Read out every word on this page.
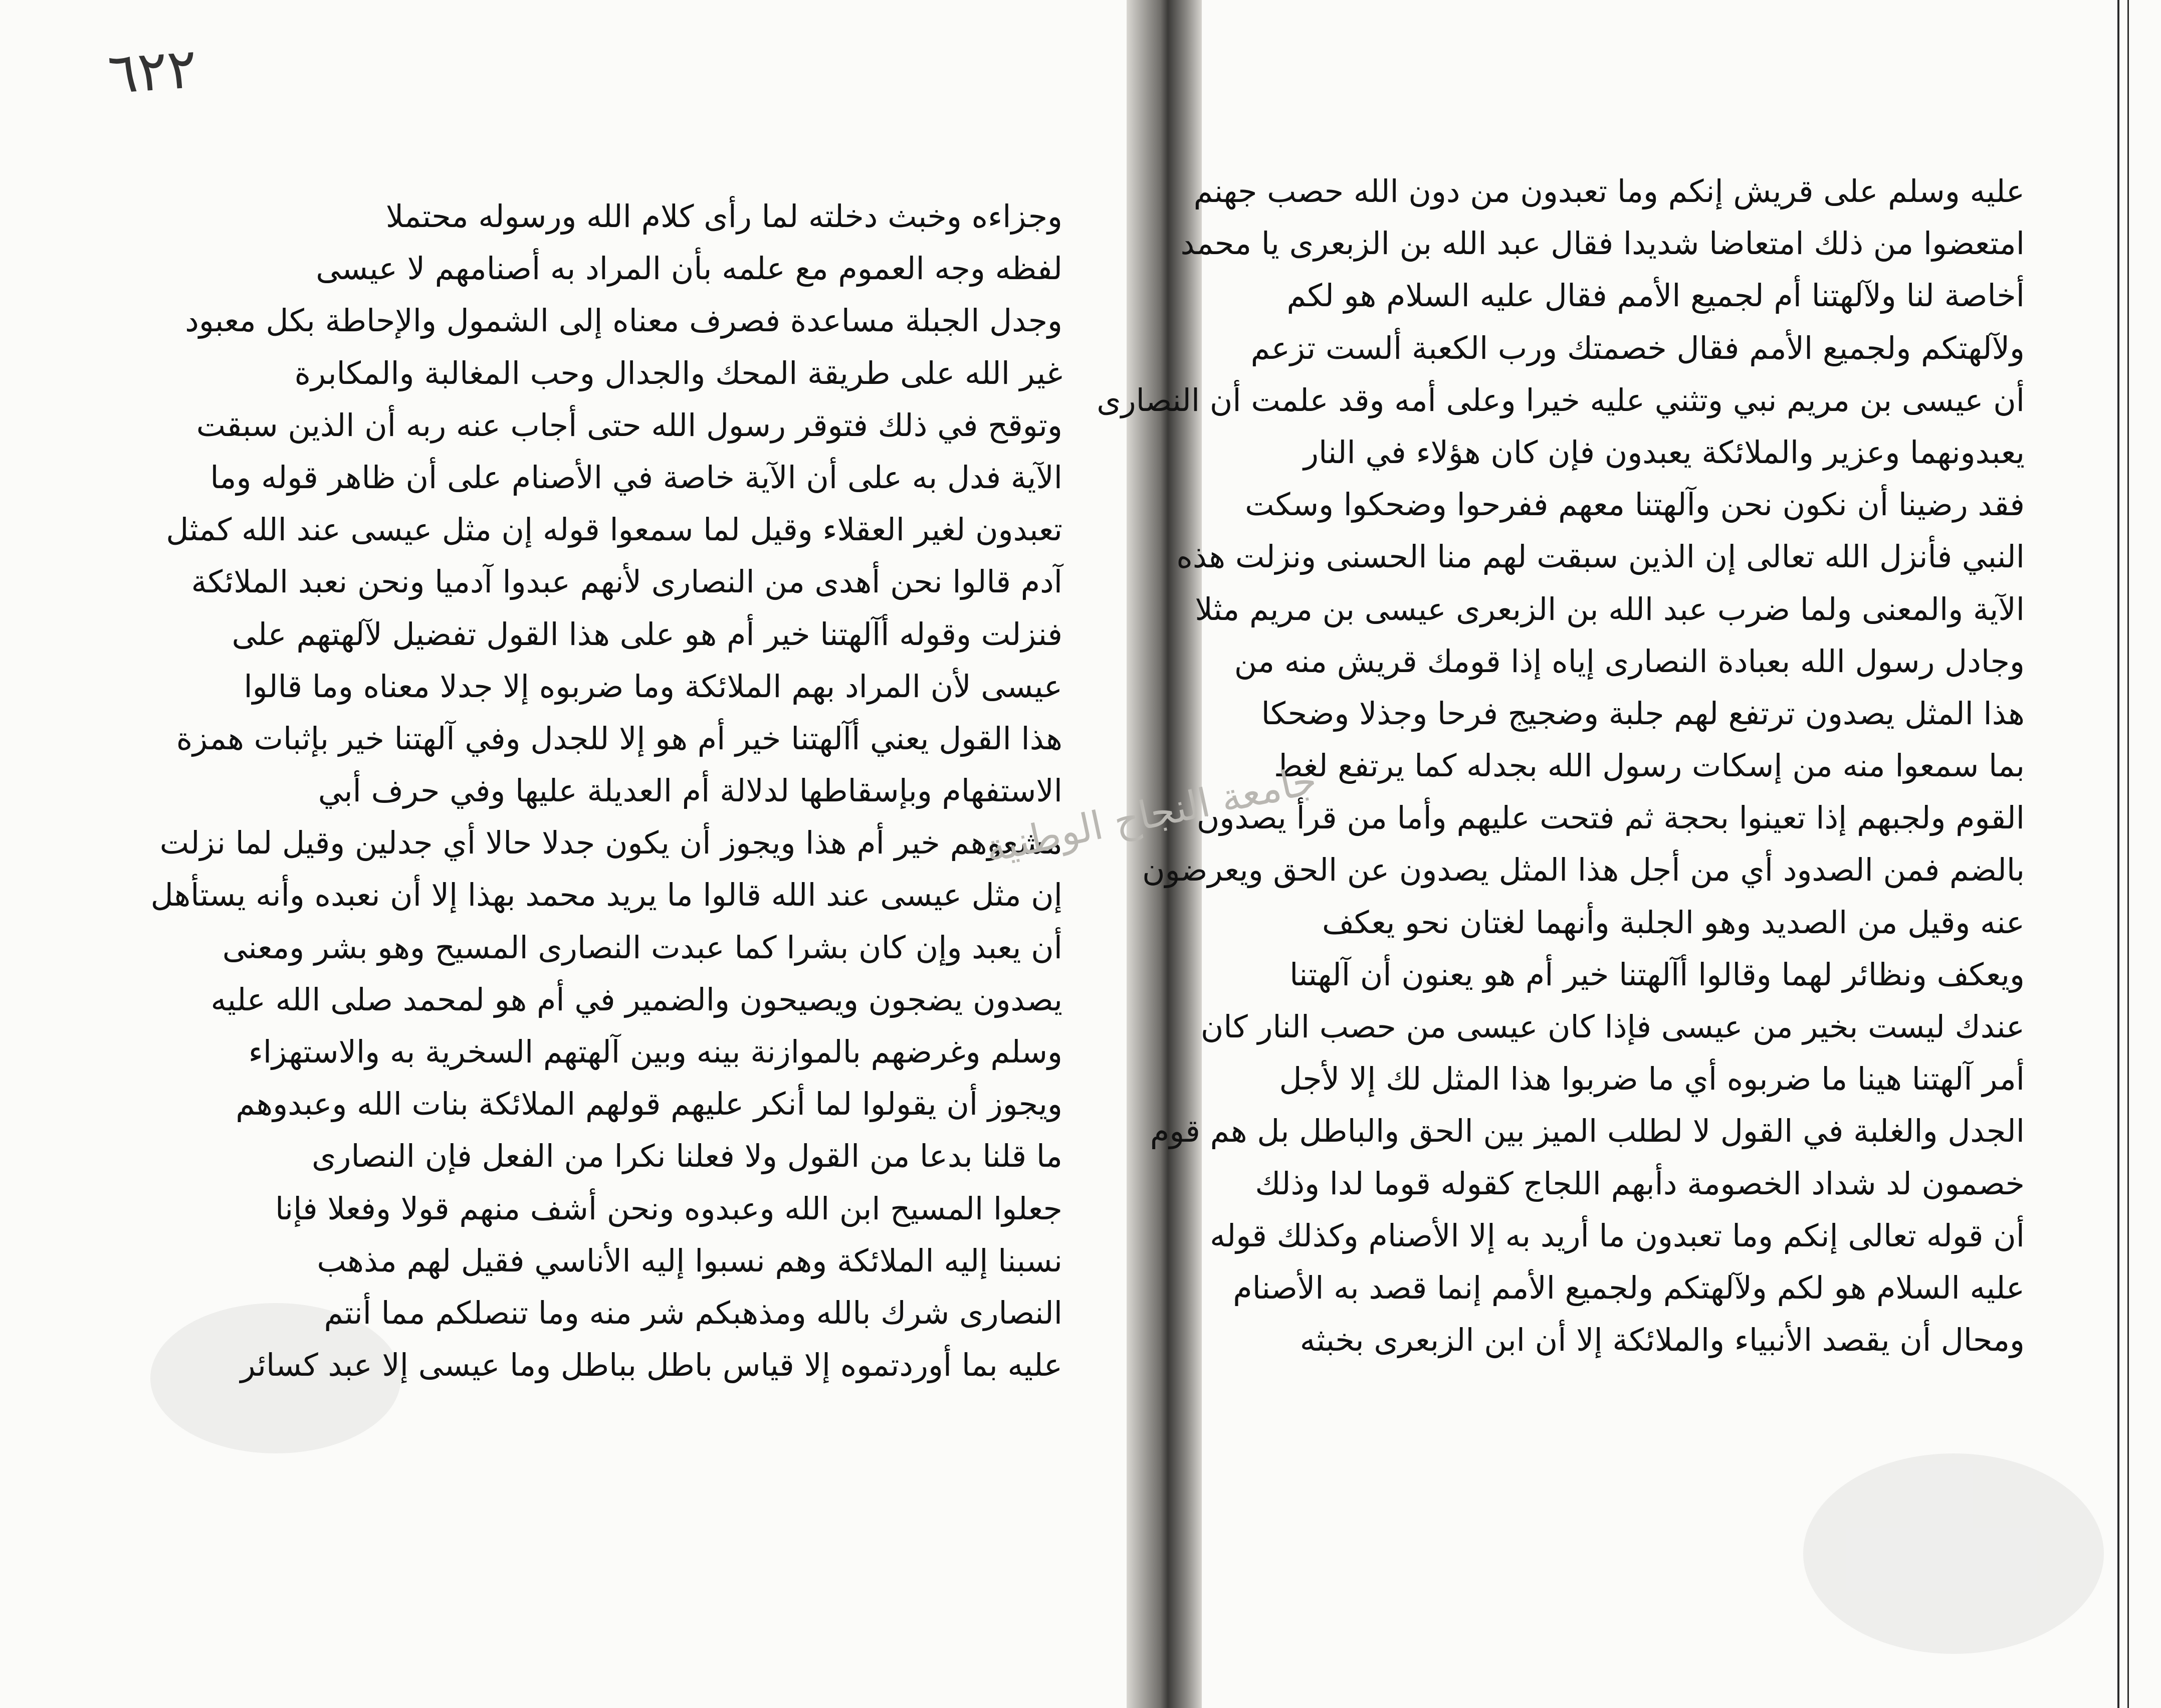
٦٢٢
وجزاءه وخبث دخلته لما رأى كلام الله ورسوله محتملا
لفظه وجه العموم مع علمه بأن المراد به أصنامهم لا عيسى
وجدل الجبلة مساعدة فصرف معناه إلى الشمول والإحاطة بكل معبود
غير الله على طريقة المحك والجدال وحب المغالبة والمكابرة
وتوقح في ذلك فتوقر رسول الله حتى أجاب عنه ربه أن الذين سبقت
الآية فدل به على أن الآية خاصة في الأصنام على أن ظاهر قوله وما
تعبدون لغير العقلاء وقيل لما سمعوا قوله إن مثل عيسى عند الله كمثل
آدم قالوا نحن أهدى من النصارى لأنهم عبدوا آدميا ونحن نعبد الملائكة
فنزلت وقوله أآلهتنا خير أم هو على هذا القول تفضيل لآلهتهم على
عيسى لأن المراد بهم الملائكة وما ضربوه إلا جدلا معناه وما قالوا
هذا القول يعني أآلهتنا خير أم هو إلا للجدل وفي آلهتنا خير بإثبات همزة
الاستفهام وبإسقاطها لدلالة أم العديلة عليها وفي حرف أبي
مشعوهم خير أم هذا ويجوز أن يكون جدلا حالا أي جدلين وقيل لما نزلت
إن مثل عيسى عند الله قالوا ما يريد محمد بهذا إلا أن نعبده وأنه يستأهل
أن يعبد وإن كان بشرا كما عبدت النصارى المسيح وهو بشر ومعنى
يصدون يضجون ويصيحون والضمير في أم هو لمحمد صلى الله عليه
وسلم وغرضهم بالموازنة بينه وبين آلهتهم السخرية به والاستهزاء
ويجوز أن يقولوا لما أنكر عليهم قولهم الملائكة بنات الله وعبدوهم
ما قلنا بدعا من القول ولا فعلنا نكرا من الفعل فإن النصارى
جعلوا المسيح ابن الله وعبدوه ونحن أشف منهم قولا وفعلا فإنا
نسبنا إليه الملائكة وهم نسبوا إليه الأناسي فقيل لهم مذهب
النصارى شرك بالله ومذهبكم شر منه وما تنصلكم مما أنتم
عليه بما أوردتموه إلا قياس باطل بباطل وما عيسى إلا عبد كسائر
عليه وسلم على قريش إنكم وما تعبدون من دون الله حصب جهنم
امتعضوا من ذلك امتعاضا شديدا فقال عبد الله بن الزبعرى يا محمد
أخاصة لنا ولآلهتنا أم لجميع الأمم فقال عليه السلام هو لكم
ولآلهتكم ولجميع الأمم فقال خصمتك ورب الكعبة ألست تزعم
أن عيسى بن مريم نبي وتثني عليه خيرا وعلى أمه وقد علمت أن النصارى
يعبدونهما وعزير والملائكة يعبدون فإن كان هؤلاء في النار
فقد رضينا أن نكون نحن وآلهتنا معهم ففرحوا وضحكوا وسكت
النبي فأنزل الله تعالى إن الذين سبقت لهم منا الحسنى ونزلت هذه
الآية والمعنى ولما ضرب عبد الله بن الزبعرى عيسى بن مريم مثلا
وجادل رسول الله بعبادة النصارى إياه إذا قومك قريش منه من
هذا المثل يصدون ترتفع لهم جلبة وضجيج فرحا وجذلا وضحكا
بما سمعوا منه من إسكات رسول الله بجدله كما يرتفع لغط
القوم ولجبهم إذا تعينوا بحجة ثم فتحت عليهم وأما من قرأ يصدون
بالضم فمن الصدود أي من أجل هذا المثل يصدون عن الحق ويعرضون
عنه وقيل من الصديد وهو الجلبة وأنهما لغتان نحو يعكف
ويعكف ونظائر لهما وقالوا أآلهتنا خير أم هو يعنون أن آلهتنا
عندك ليست بخير من عيسى فإذا كان عيسى من حصب النار كان
أمر آلهتنا هينا ما ضربوه أي ما ضربوا هذا المثل لك إلا لأجل
الجدل والغلبة في القول لا لطلب الميز بين الحق والباطل بل هم قوم
خصمون لد شداد الخصومة دأبهم اللجاج كقوله قوما لدا وذلك
أن قوله تعالى إنكم وما تعبدون ما أريد به إلا الأصنام وكذلك قوله
عليه السلام هو لكم ولآلهتكم ولجميع الأمم إنما قصد به الأصنام
ومحال أن يقصد الأنبياء والملائكة إلا أن ابن الزبعرى بخبثه
جامعة النجاح الوطنية
